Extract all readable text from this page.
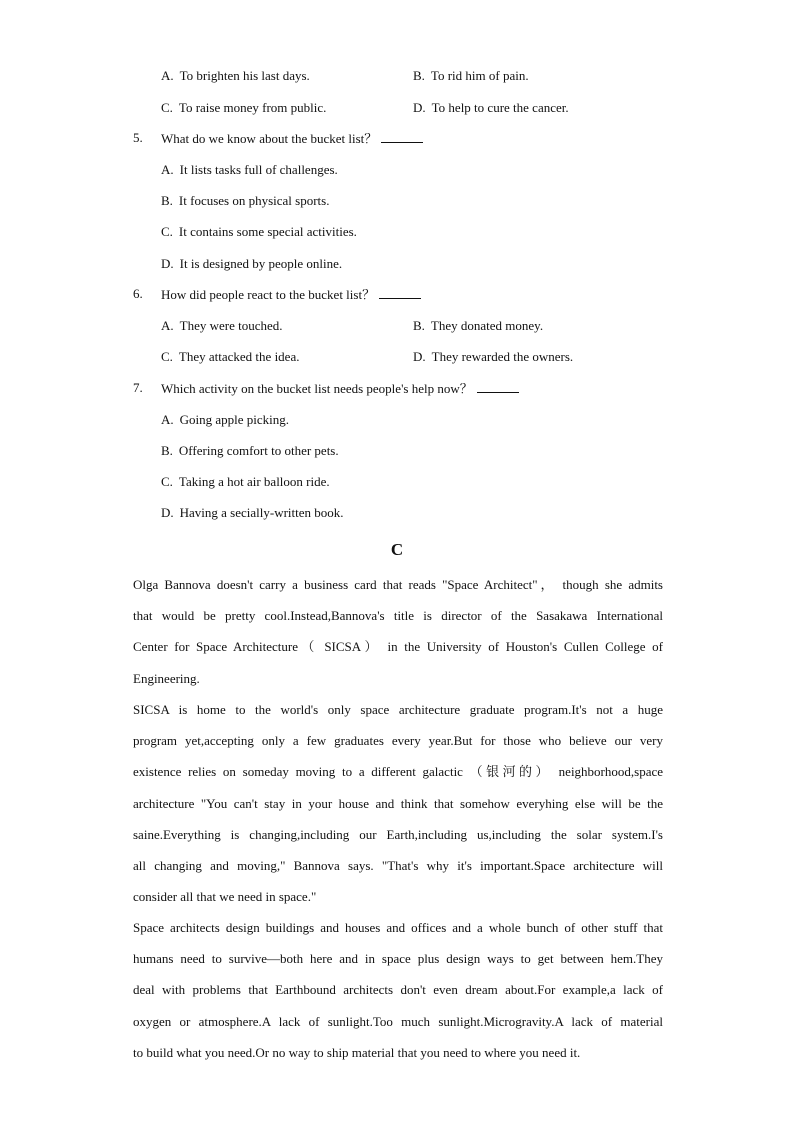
A. To brighten his last days.	B. To rid him of pain.
C. To raise money from public.	D. To help to cure the cancer.
5. What do we know about the bucket list？
A. It lists tasks full of challenges.
B. It focuses on physical sports.
C. It contains some special activities.
D. It is designed by people online.
6. How did people react to the bucket list？
A. They were touched.	B. They donated money.
C. They attacked the idea.	D. They rewarded the owners.
7. Which activity on the bucket list needs people's help now？
A. Going apple picking.
B. Offering comfort to other pets.
C. Taking a hot air balloon ride.
D. Having a secially-written book.
C
Olga Bannova doesn't carry a business card that reads "Space Architect"， though she admits
that would be pretty cool.Instead,Bannova's title is director of the Sasakawa International
Center for Space Architecture（ SICSA） in the University of Houston's Cullen College of
Engineering.
SICSA is home to the world's only space architecture graduate program.It's not a huge
program yet,accepting only a few graduates every year.But for those who believe our very
existence relies on someday moving to a different galactic （银河的） neighborhood,space
architecture "You can't stay in your house and think that somehow everyhing else will be the
saine.Everything is changing,including our Earth,including us,including the solar system.I's
all changing and moving," Bannova says. "That's why it's important.Space architecture will
consider all that we need in space."
Space architects design buildings and houses and offices and a whole bunch of other stuff that
humans need to survive—both here and in space plus design ways to get between hem.They
deal with problems that Earthbound architects don't even dream about.For example,a lack of
oxygen or atmosphere.A lack of sunlight.Too much sunlight.Microgravity.A lack of material
to build what you need.Or no way to ship material that you need to where you need it.
